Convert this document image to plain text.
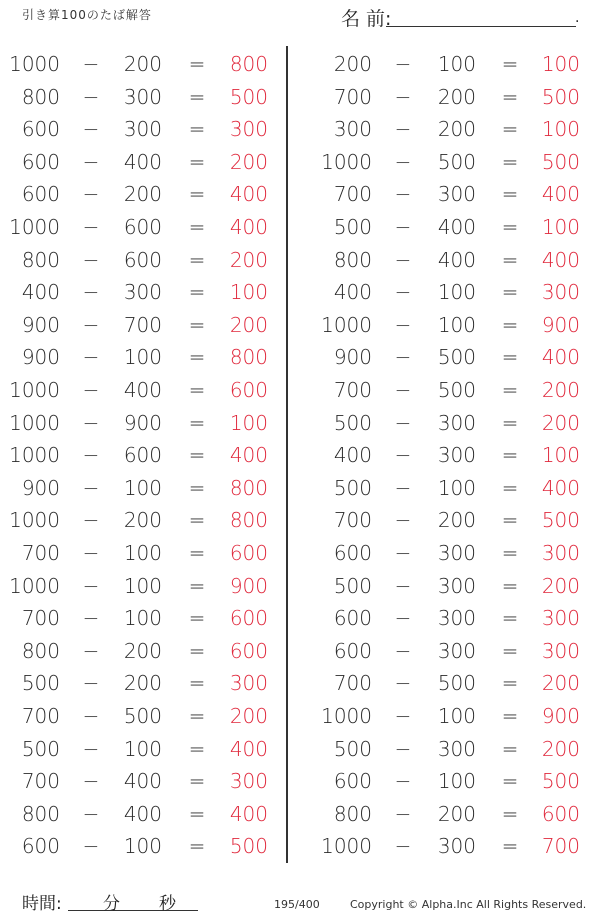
引き算100のたば解答	名 前:	.
1000 − 200 =	800
800 − 300 =	500
600 − 300 =	300
600 − 400 =	200
600 − 200 =	400
1000 − 600 =	400
800 − 600 =	200
400 − 300 =	100
900 − 700 =	200
900 − 100 =	800
1000 − 400 =	600
1000 − 900 =	100
1000 − 600 =	400
900 − 100 =	800
1000 − 200 =	800
700 − 100 =	600
1000 − 100 =	900
700 − 100 =	600
800 − 200 =	600
500 − 200 =	300
700 − 500 =	200
500 − 100 =	400
700 − 400 =	300
800 − 400 =	400
600 − 100 =	500
200 − 100 =	100
700 − 200 =	500
300 − 200 =	100
1000 − 500 =	500
700 − 300 =	400
500 − 400 =	100
800 − 400 =	400
400 − 100 =	300
1000 − 100 =	900
900 − 500 =	400
700 − 500 =	200
500 − 300 =	200
400 − 300 =	100
500 − 100 =	400
700 − 200 =	500
600 − 300 =	300
500 − 300 =	200
600 − 300 =	300
600 − 300 =	300
700 − 500 =	200
1000 − 100 =	900
500 − 300 =	200
600 − 100 =	500
800 − 200 =	600
1000 − 300 =	700
時間: 分 秒	195/400	Copyright © Alpha.Inc All Rights Reserved.
